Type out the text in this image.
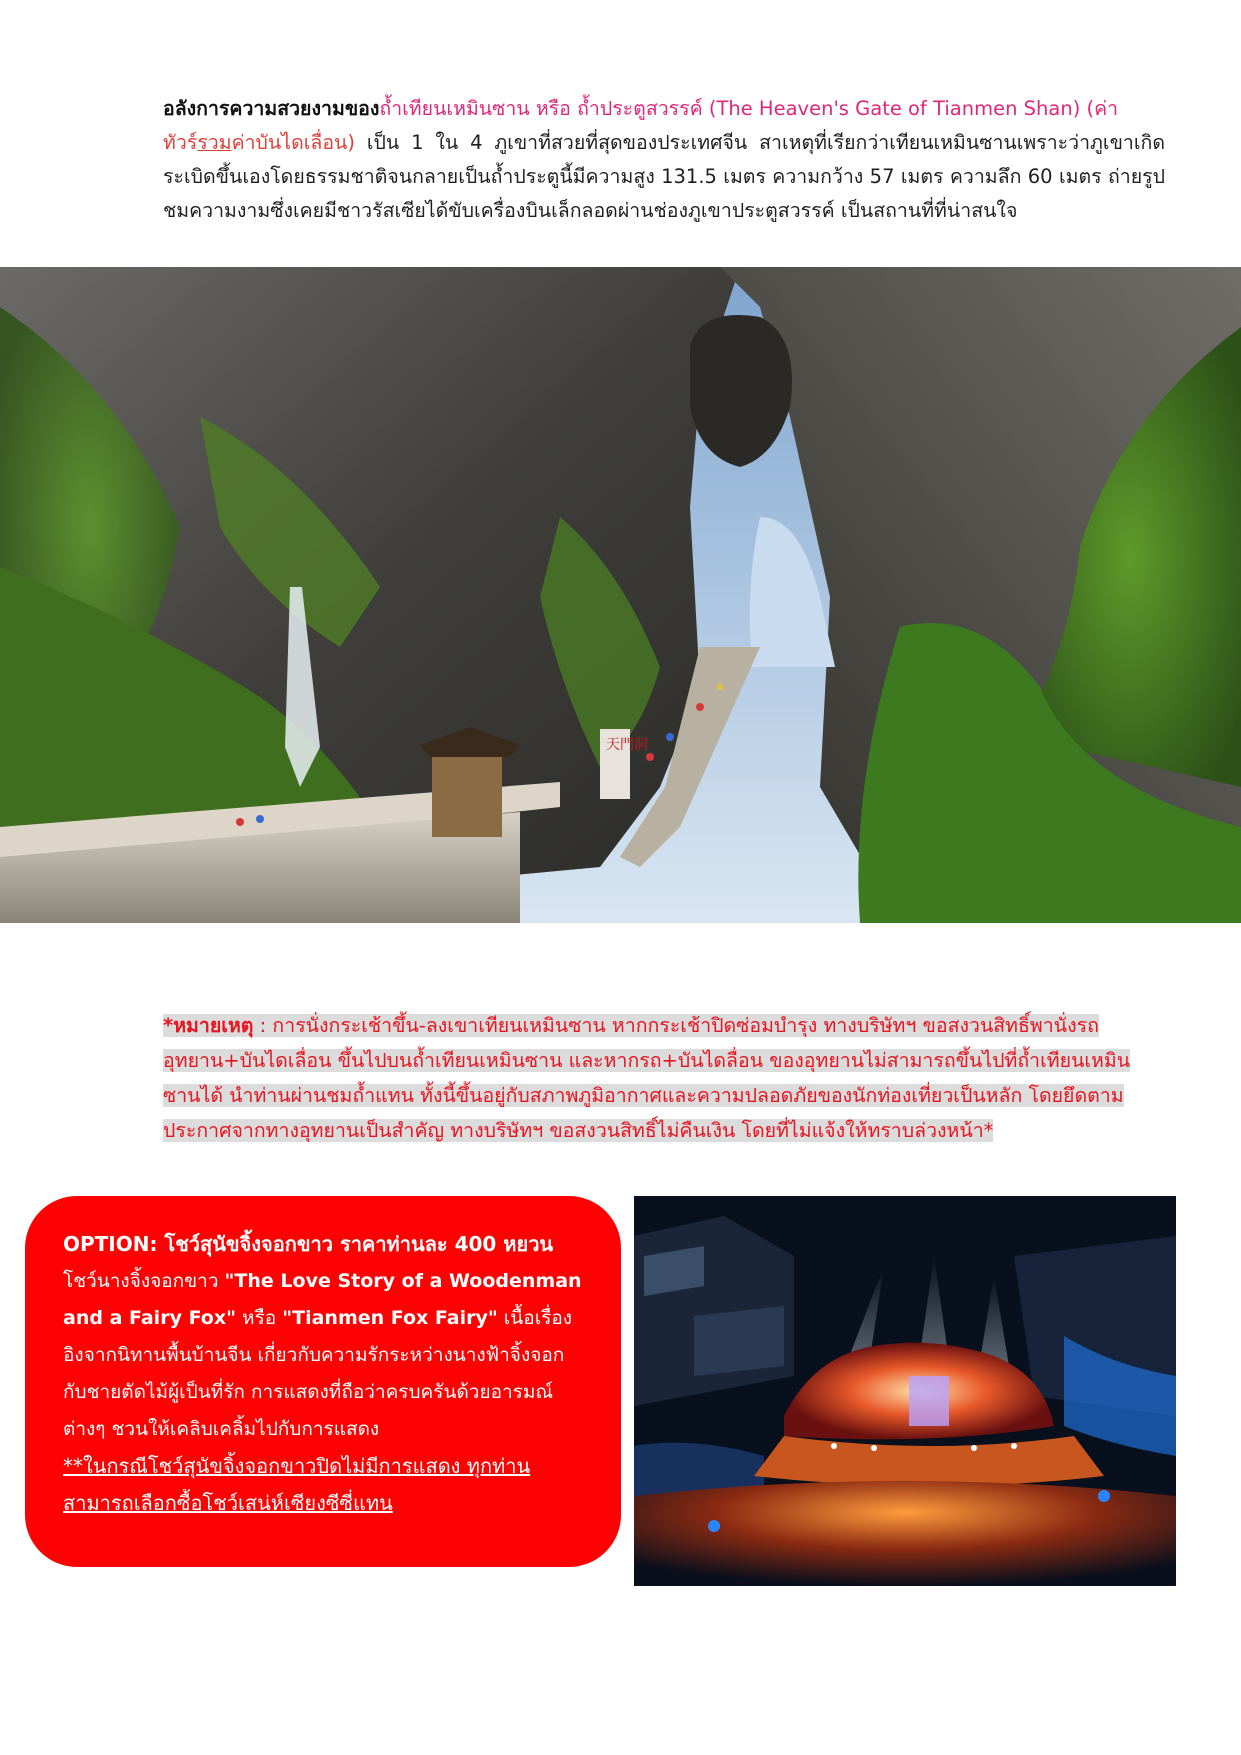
อลังการความสวยงามของถ้ำเทียนเหมินซาน หรือ ถ้ำประตูสวรรค์ (The Heaven's Gate of Tianmen Shan) (ค่า
ทัวร์รวมค่าบันไดเลื่อน) เป็น 1 ใน 4 ภูเขาที่สวยที่สุดของประเทศจีน สาเหตุที่เรียกว่าเทียนเหมินซานเพราะว่าภูเขาเกิดระเบิดขึ้นเองโดยธรรมชาติจนกลายเป็นถ้ำประตูนี้มีความสูง 131.5 เมตร ความกว้าง 57 เมตร ความลึก 60 เมตร ถ่ายรูปชมความงามซึ่งเคยมีชาวรัสเซียได้ขับเครื่องบินเล็กลอดผ่านช่องภูเขาประตูสวรรค์ เป็นสถานที่ที่น่าสนใจ

天門洞

*หมายเหตุ : การนั่งกระเช้าขึ้น-ลงเขาเทียนเหมินซาน หากกระเช้าปิดซ่อมบำรุง ทางบริษัทฯ ขอสงวนสิทธิ์พานั่งรถอุทยาน+บันไดเลื่อน ขึ้นไปบนถ้ำเทียนเหมินซาน และหากรถ+บันไดลื่อน ของอุทยานไม่สามารถขึ้นไปที่ถ้ำเทียนเหมินซานได้ นำท่านผ่านชมถ้ำแทน ทั้งนี้ขึ้นอยู่กับสภาพภูมิอากาศและความปลอดภัยของนักท่องเที่ยวเป็นหลัก โดยยึดตามประกาศจากทางอุทยานเป็นสำคัญ ทางบริษัทฯ ขอสงวนสิทธิ์ไม่คืนเงิน โดยที่ไม่แจ้งให้ทราบล่วงหน้า*

OPTION: โชว์สุนัขจิ้งจอกขาว ราคาท่านละ 400 หยวน
โชว์นางจิ้งจอกขาว "The Love Story of a Woodenman and a Fairy Fox" หรือ "Tianmen Fox Fairy" เนื้อเรื่องอิงจากนิทานพื้นบ้านจีน เกี่ยวกับความรักระหว่างนางฟ้าจิ้งจอกกับชายตัดไม้ผู้เป็นที่รัก การแสดงที่ถือว่าครบครันด้วยอารมณ์ต่างๆ ชวนให้เคลิบเคลิ้มไปกับการแสดง
**ในกรณีโชว์สุนัขจิ้งจอกขาวปิดไม่มีการแสดง ทุกท่านสามารถเลือกซื้อโชว์เสน่ห์เซียงซีซี่แทน
